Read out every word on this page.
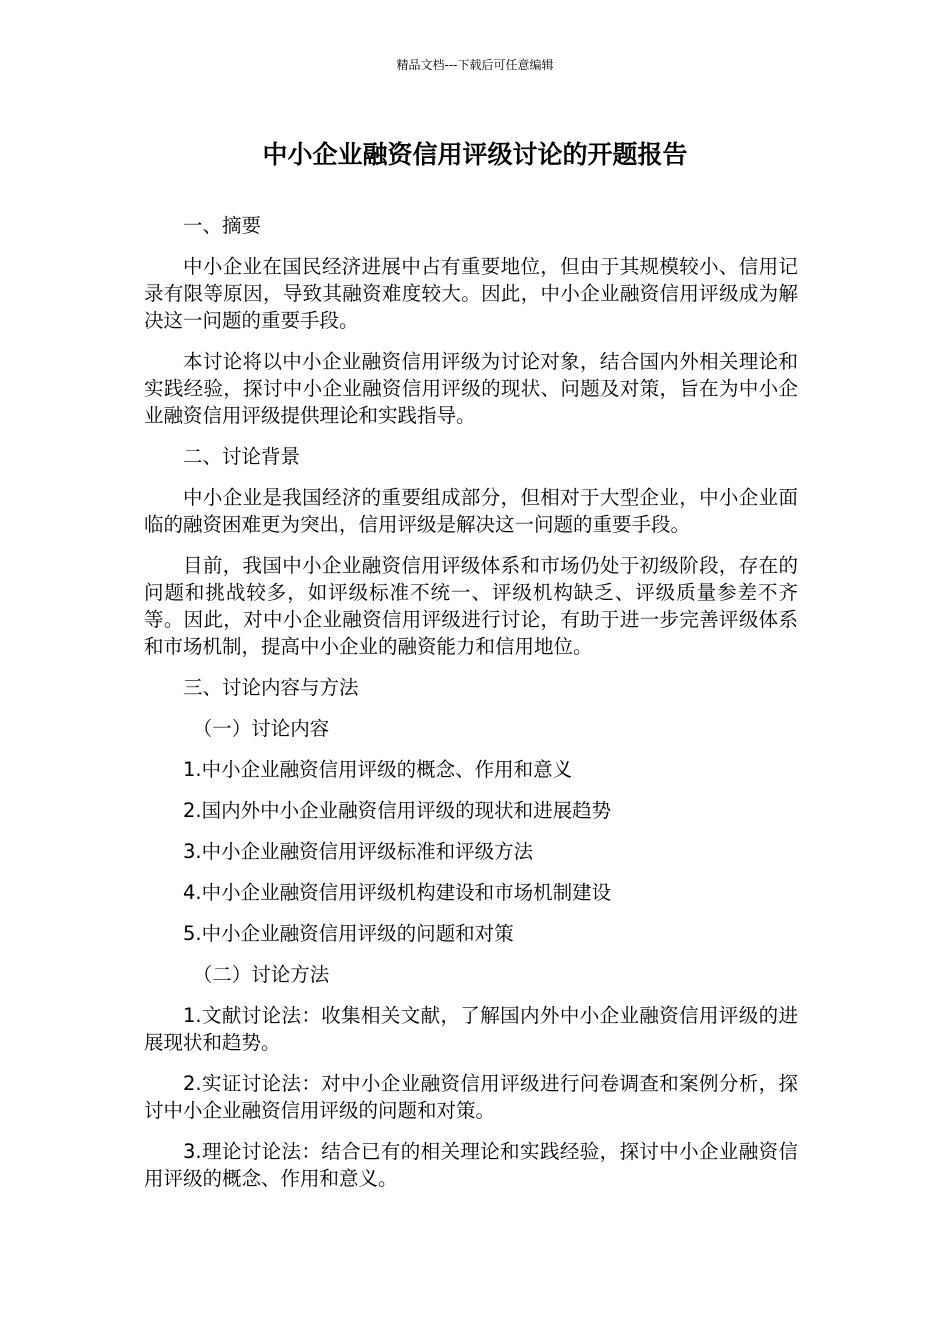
精品文档---下载后可任意编辑
中小企业融资信用评级讨论的开题报告

一、摘要

中小企业在国民经济进展中占有重要地位，但由于其规模较小、信用记录有限等原因，导致其融资难度较大。因此，中小企业融资信用评级成为解决这一问题的重要手段。

本讨论将以中小企业融资信用评级为讨论对象，结合国内外相关理论和实践经验，探讨中小企业融资信用评级的现状、问题及对策，旨在为中小企业融资信用评级提供理论和实践指导。

二、讨论背景

中小企业是我国经济的重要组成部分，但相对于大型企业，中小企业面临的融资困难更为突出，信用评级是解决这一问题的重要手段。

目前，我国中小企业融资信用评级体系和市场仍处于初级阶段，存在的问题和挑战较多，如评级标准不统一、评级机构缺乏、评级质量参差不齐等。因此，对中小企业融资信用评级进行讨论，有助于进一步完善评级体系和市场机制，提高中小企业的融资能力和信用地位。

三、讨论内容与方法

（一）讨论内容

1.中小企业融资信用评级的概念、作用和意义

2.国内外中小企业融资信用评级的现状和进展趋势

3.中小企业融资信用评级标准和评级方法

4.中小企业融资信用评级机构建设和市场机制建设

5.中小企业融资信用评级的问题和对策

（二）讨论方法

1.文献讨论法：收集相关文献，了解国内外中小企业融资信用评级的进展现状和趋势。

2.实证讨论法：对中小企业融资信用评级进行问卷调查和案例分析，探讨中小企业融资信用评级的问题和对策。

3.理论讨论法：结合已有的相关理论和实践经验，探讨中小企业融资信用评级的概念、作用和意义。
